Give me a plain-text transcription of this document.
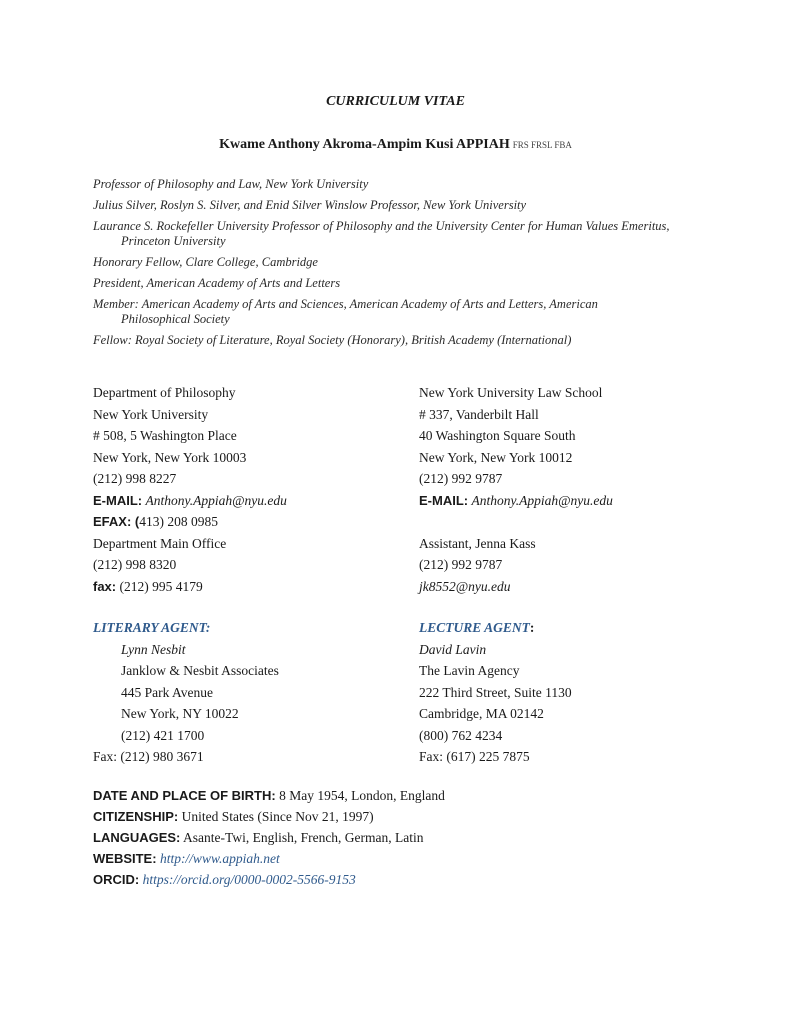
CURRICULUM VITAE
Kwame Anthony Akroma-Ampim Kusi APPIAH FRS FRSL FBA
Professor of Philosophy and Law, New York University
Julius Silver, Roslyn S. Silver, and Enid Silver Winslow Professor, New York University
Laurance S. Rockefeller University Professor of Philosophy and the University Center for Human Values Emeritus,
Princeton University
Honorary Fellow, Clare College, Cambridge
President, American Academy of Arts and Letters
Member: American Academy of Arts and Sciences, American Academy of Arts and Letters, American
Philosophical Society
Fellow: Royal Society of Literature, Royal Society (Honorary), British Academy (International)
Department of Philosophy
New York University
# 508, 5 Washington Place
New York, New York 10003
(212) 998 8227
E-MAIL: Anthony.Appiah@nyu.edu
EFAX: (413) 208 0985
Department Main Office
(212) 998 8320
fax: (212) 995 4179
New York University Law School
# 337, Vanderbilt Hall
40 Washington Square South
New York, New York 10012
(212) 992 9787
E-MAIL: Anthony.Appiah@nyu.edu
Assistant, Jenna Kass
(212) 992 9787
jk8552@nyu.edu
LITERARY AGENT:
Lynn Nesbit
Janklow & Nesbit Associates
445 Park Avenue
New York, NY 10022
(212) 421 1700
Fax: (212) 980 3671
LECTURE AGENT:
David Lavin
The Lavin Agency
222 Third Street, Suite 1130
Cambridge, MA 02142
(800) 762 4234
Fax: (617) 225 7875
DATE AND PLACE OF BIRTH: 8 May 1954, London, England
CITIZENSHIP: United States (Since Nov 21, 1997)
LANGUAGES: Asante-Twi, English, French, German, Latin
WEBSITE: http://www.appiah.net
ORCID: https://orcid.org/0000-0002-5566-9153
